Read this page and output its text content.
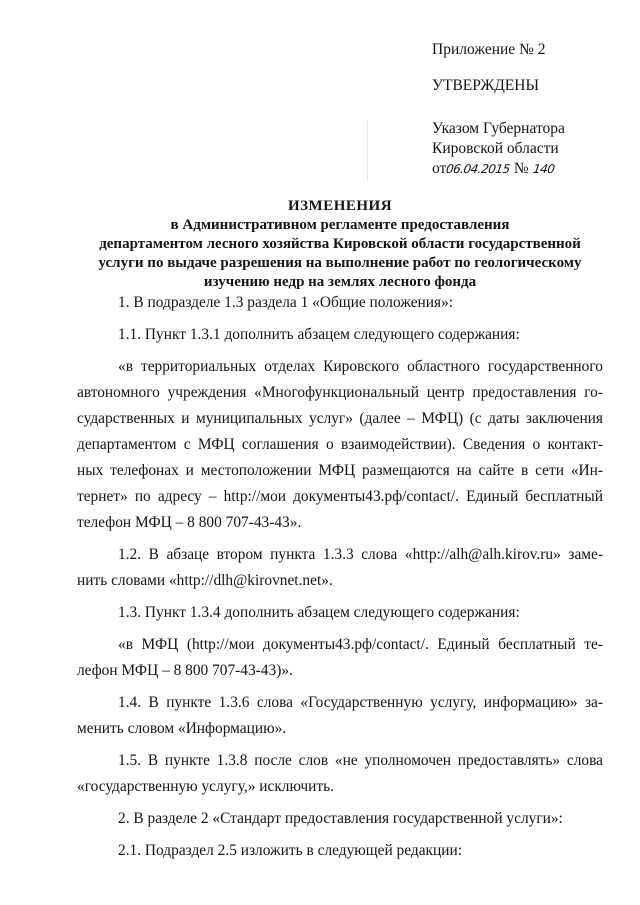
Приложение № 2
УТВЕРЖДЕНЫ
Указом Губернатора
Кировской области
от06.04.2015 № 140
ИЗМЕНЕНИЯ
в Административном регламенте предоставления
департаментом лесного хозяйства Кировской области государственной
услуги по выдаче разрешения на выполнение работ по геологическому
изучению недр на землях лесного фонда
1. В подразделе 1.3 раздела 1 «Общие положения»:
1.1. Пункт 1.3.1 дополнить абзацем следующего содержания:
«в территориальных отделах Кировского областного государственного
автономного учреждения «Многофункциональный центр предоставления го-
сударственных и муниципальных услуг» (далее – МФЦ) (с даты заключения
департаментом с МФЦ соглашения о взаимодействии). Сведения о контакт-
ных телефонах и местоположении МФЦ размещаются на сайте в сети «Ин-
тернет» по адресу – http://мои документы43.рф/contact/. Единый бесплатный
телефон МФЦ – 8 800 707-43-43».
1.2. В абзаце втором пункта 1.3.3 слова «http://alh@alh.kirov.ru» заме-
нить словами «http://dlh@kirovnet.net».
1.3. Пункт 1.3.4 дополнить абзацем следующего содержания:
«в МФЦ (http://мои документы43.рф/contact/. Единый бесплатный те-
лефон МФЦ – 8 800 707-43-43)».
1.4. В пункте 1.3.6 слова «Государственную услугу, информацию» за-
менить словом «Информацию».
1.5. В пункте 1.3.8 после слов «не уполномочен предоставлять» слова
«государственную услугу,» исключить.
2. В разделе 2 «Стандарт предоставления государственной услуги»:
2.1. Подраздел 2.5 изложить в следующей редакции:
